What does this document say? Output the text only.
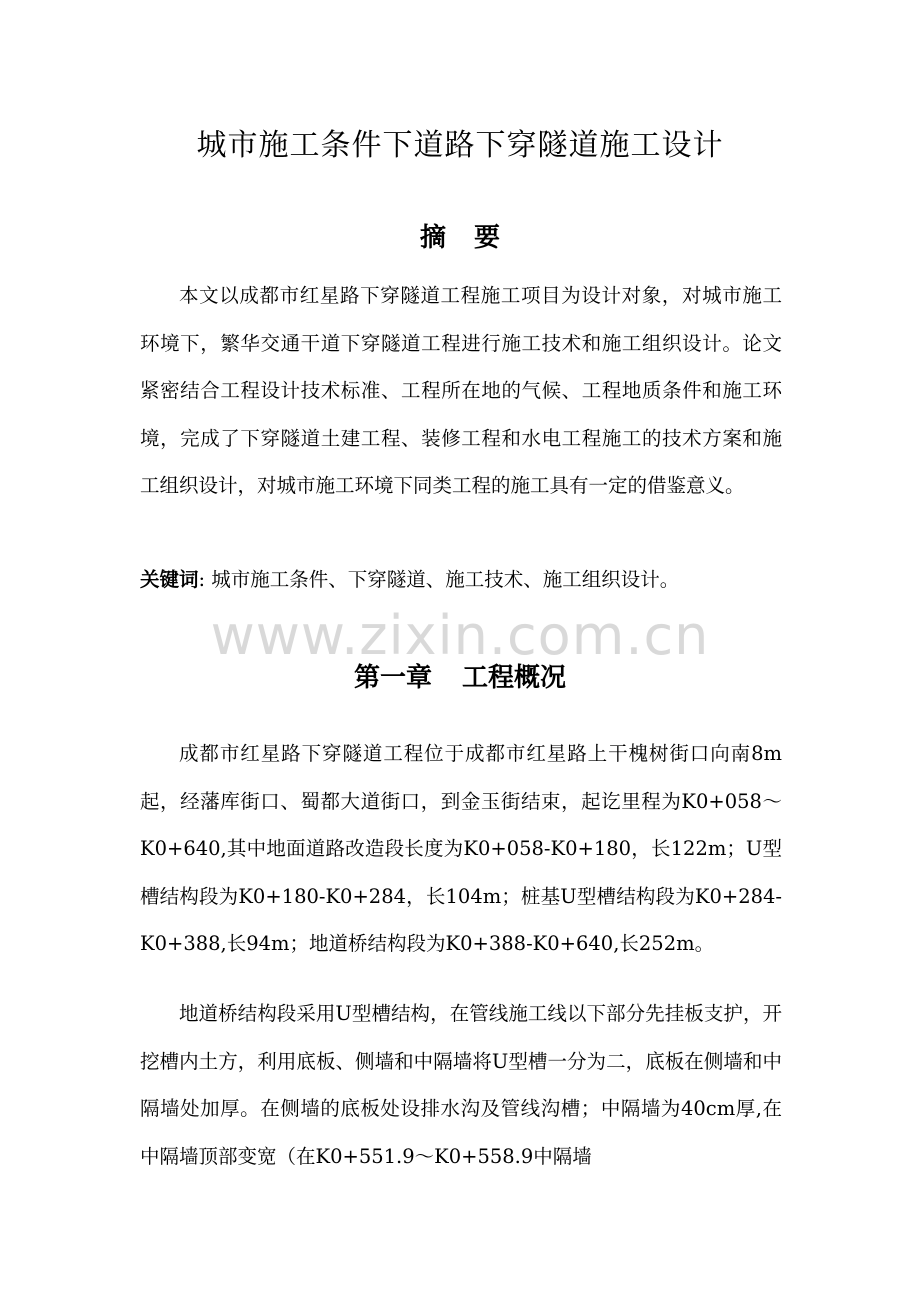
城市施工条件下道路下穿隧道施工设计
摘 要

本文以成都市红星路下穿隧道工程施工项目为设计对象，对城市施工环境下，繁华交通干道下穿隧道工程进行施工技术和施工组织设计。论文紧密结合工程设计技术标准、工程所在地的气候、工程地质条件和施工环境，完成了下穿隧道土建工程、装修工程和水电工程施工的技术方案和施工组织设计，对城市施工环境下同类工程的施工具有一定的借鉴意义。

关键词: 城市施工条件、下穿隧道、施工技术、施工组织设计。
www.zixin.com.cn
第一章 工程概况

成都市红星路下穿隧道工程位于成都市红星路上干槐树街口向南8m起，经藩库街口、蜀都大道街口，到金玉街结束，起讫里程为K0+058～K0+640,其中地面道路改造段长度为K0+058-K0+180，长122m；U型槽结构段为K0+180-K0+284，长104m；桩基U型槽结构段为K0+284-K0+388,长94m；地道桥结构段为K0+388-K0+640,长252m。

地道桥结构段采用U型槽结构，在管线施工线以下部分先挂板支护，开挖槽内土方，利用底板、侧墙和中隔墙将U型槽一分为二，底板在侧墙和中隔墙处加厚。在侧墙的底板处设排水沟及管线沟槽；中隔墙为40cm厚,在中隔墙顶部变宽（在K0+551.9～K0+558.9中隔墙
